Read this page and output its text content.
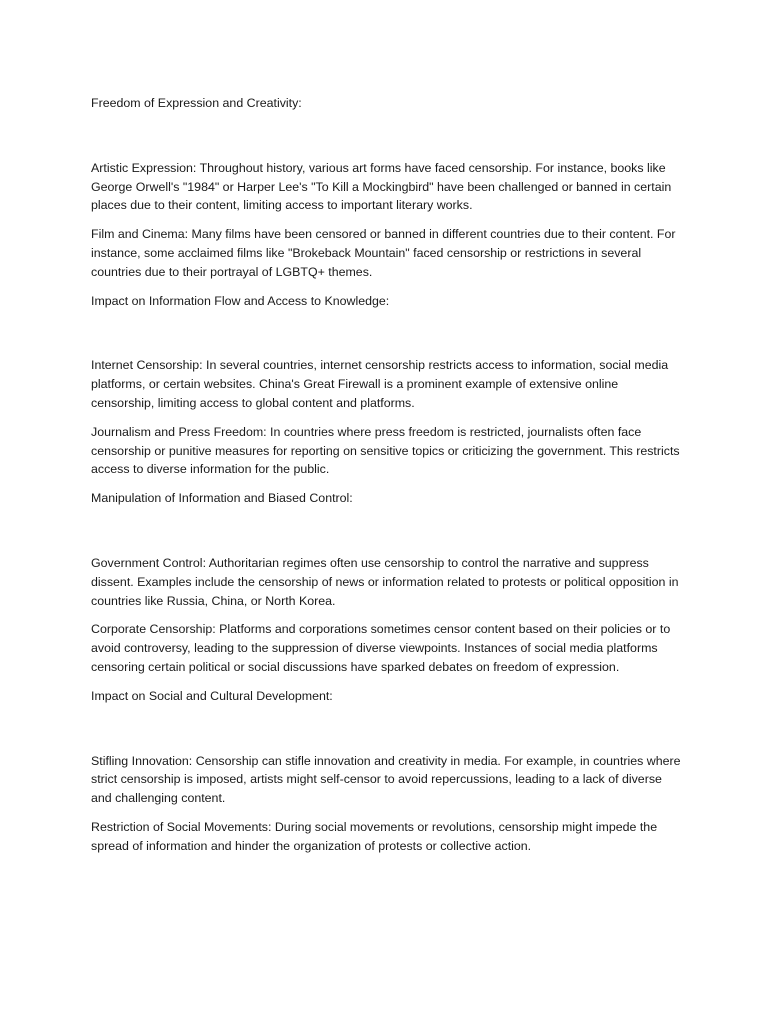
Freedom of Expression and Creativity:

Artistic Expression: Throughout history, various art forms have faced censorship. For instance, books like George Orwell's "1984" or Harper Lee's "To Kill a Mockingbird" have been challenged or banned in certain places due to their content, limiting access to important literary works.

Film and Cinema: Many films have been censored or banned in different countries due to their content. For instance, some acclaimed films like "Brokeback Mountain" faced censorship or restrictions in several countries due to their portrayal of LGBTQ+ themes.

Impact on Information Flow and Access to Knowledge:

Internet Censorship: In several countries, internet censorship restricts access to information, social media platforms, or certain websites. China's Great Firewall is a prominent example of extensive online censorship, limiting access to global content and platforms.

Journalism and Press Freedom: In countries where press freedom is restricted, journalists often face censorship or punitive measures for reporting on sensitive topics or criticizing the government. This restricts access to diverse information for the public.

Manipulation of Information and Biased Control:

Government Control: Authoritarian regimes often use censorship to control the narrative and suppress dissent. Examples include the censorship of news or information related to protests or political opposition in countries like Russia, China, or North Korea.

Corporate Censorship: Platforms and corporations sometimes censor content based on their policies or to avoid controversy, leading to the suppression of diverse viewpoints. Instances of social media platforms censoring certain political or social discussions have sparked debates on freedom of expression.

Impact on Social and Cultural Development:

Stifling Innovation: Censorship can stifle innovation and creativity in media. For example, in countries where strict censorship is imposed, artists might self-censor to avoid repercussions, leading to a lack of diverse and challenging content.

Restriction of Social Movements: During social movements or revolutions, censorship might impede the spread of information and hinder the organization of protests or collective action.
